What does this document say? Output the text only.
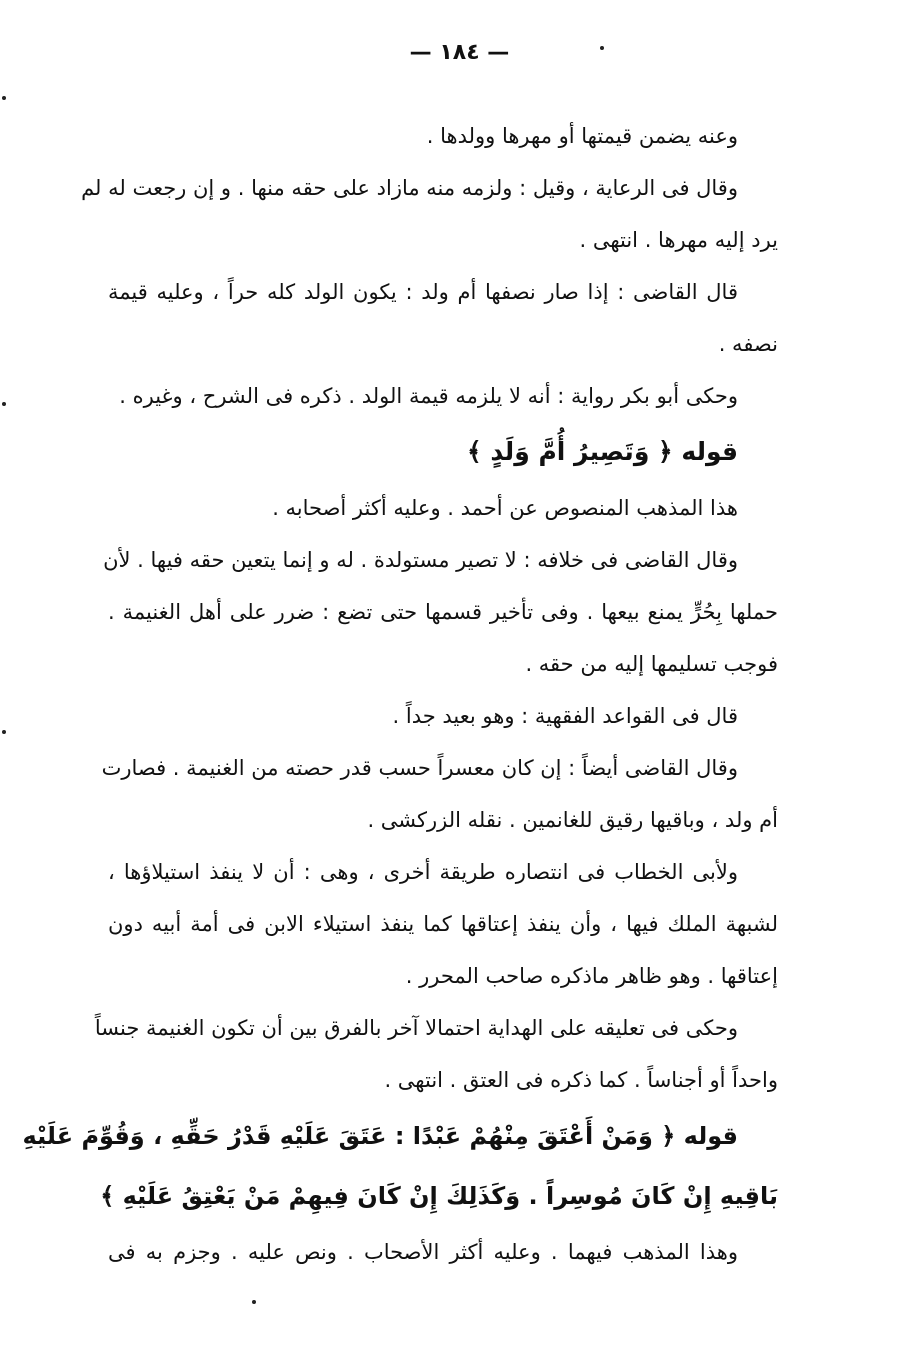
— ١٨٤ —
وعنه يضمن قيمتها أو مهرها وولدها .
وقال فى الرعاية ، وقيل : ولزمه منه مازاد على حقه منها . و إن رجعت له لم
يرد إليه مهرها . انتهى .
قال القاضى : إذا صار نصفها أم ولد : يكون الولد كله حراً ، وعليه قيمة
نصفه .
وحكى أبو بكر رواية : أنه لا يلزمه قيمة الولد . ذكره فى الشرح ، وغيره .
قوله ﴿ وَتَصِيرُ أُمَّ وَلَدٍ ﴾
هذا المذهب المنصوص عن أحمد . وعليه أكثر أصحابه .
وقال القاضى فى خلافه : لا تصير مستولدة . له و إنما يتعين حقه فيها . لأن
حملها بِحُرٍّ يمنع بيعها . وفى تأخير قسمها حتى تضع : ضرر على أهل الغنيمة .
فوجب تسليمها إليه من حقه .
قال فى القواعد الفقهية : وهو بعيد جداً .
وقال القاضى أيضاً : إن كان معسراً حسب قدر حصته من الغنيمة . فصارت
أم ولد ، وباقيها رقيق للغانمين . نقله الزركشى .
ولأبى الخطاب فى انتصاره طريقة أخرى ، وهى : أن لا ينفذ استيلاؤها ،
لشبهة الملك فيها ، وأن ينفذ إعتاقها كما ينفذ استيلاء الابن فى أمة أبيه دون
إعتاقها . وهو ظاهر ماذكره صاحب المحرر .
وحكى فى تعليقه على الهداية احتمالا آخر بالفرق بين أن تكون الغنيمة جنساً
واحداً أو أجناساً . كما ذكره فى العتق . انتهى .
قوله ﴿ وَمَنْ أَعْتَقَ مِنْهُمْ عَبْدًا : عَتَقَ عَلَيْهِ قَدْرُ حَقِّهِ ، وَقُوِّمَ عَلَيْهِ
بَاقِيهِ إِنْ كَانَ مُوسِراً . وَكَذَلِكَ إِنْ كَانَ فِيهِمْ مَنْ يَعْتِقُ عَلَيْهِ ﴾
وهذا المذهب فيهما . وعليه أكثر الأصحاب . ونص عليه . وجزم به فى
